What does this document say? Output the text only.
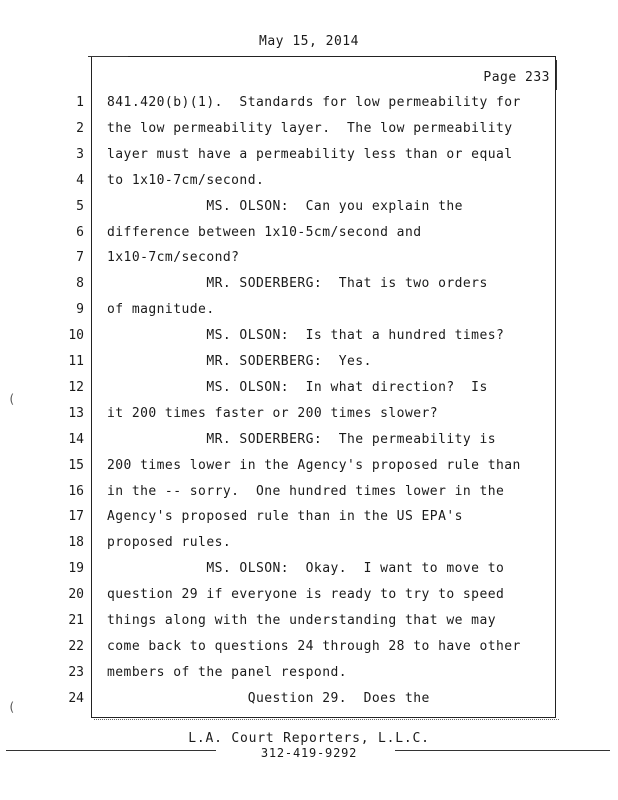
May 15, 2014
Page 233
1 841.420(b)(1).  Standards for low permeability for
2 the low permeability layer.  The low permeability
3 layer must have a permeability less than or equal
4 to 1x10-7cm/second.
5 MS. OLSON:  Can you explain the
6 difference between 1x10-5cm/second and
7 1x10-7cm/second?
8 MR. SODERBERG:  That is two orders
9 of magnitude.
10 MS. OLSON:  Is that a hundred times?
11 MR. SODERBERG:  Yes.
12 MS. OLSON:  In what direction?  Is
13 it 200 times faster or 200 times slower?
14 MR. SODERBERG:  The permeability is
15 200 times lower in the Agency's proposed rule than
16 in the -- sorry.  One hundred times lower in the
17 Agency's proposed rule than in the US EPA's
18 proposed rules.
19 MS. OLSON:  Okay.  I want to move to
20 question 29 if everyone is ready to try to speed
21 things along with the understanding that we may
22 come back to questions 24 through 28 to have other
23 members of the panel respond.
24 Question 29.  Does the
(
(
L.A. Court Reporters, L.L.C.
312-419-9292
